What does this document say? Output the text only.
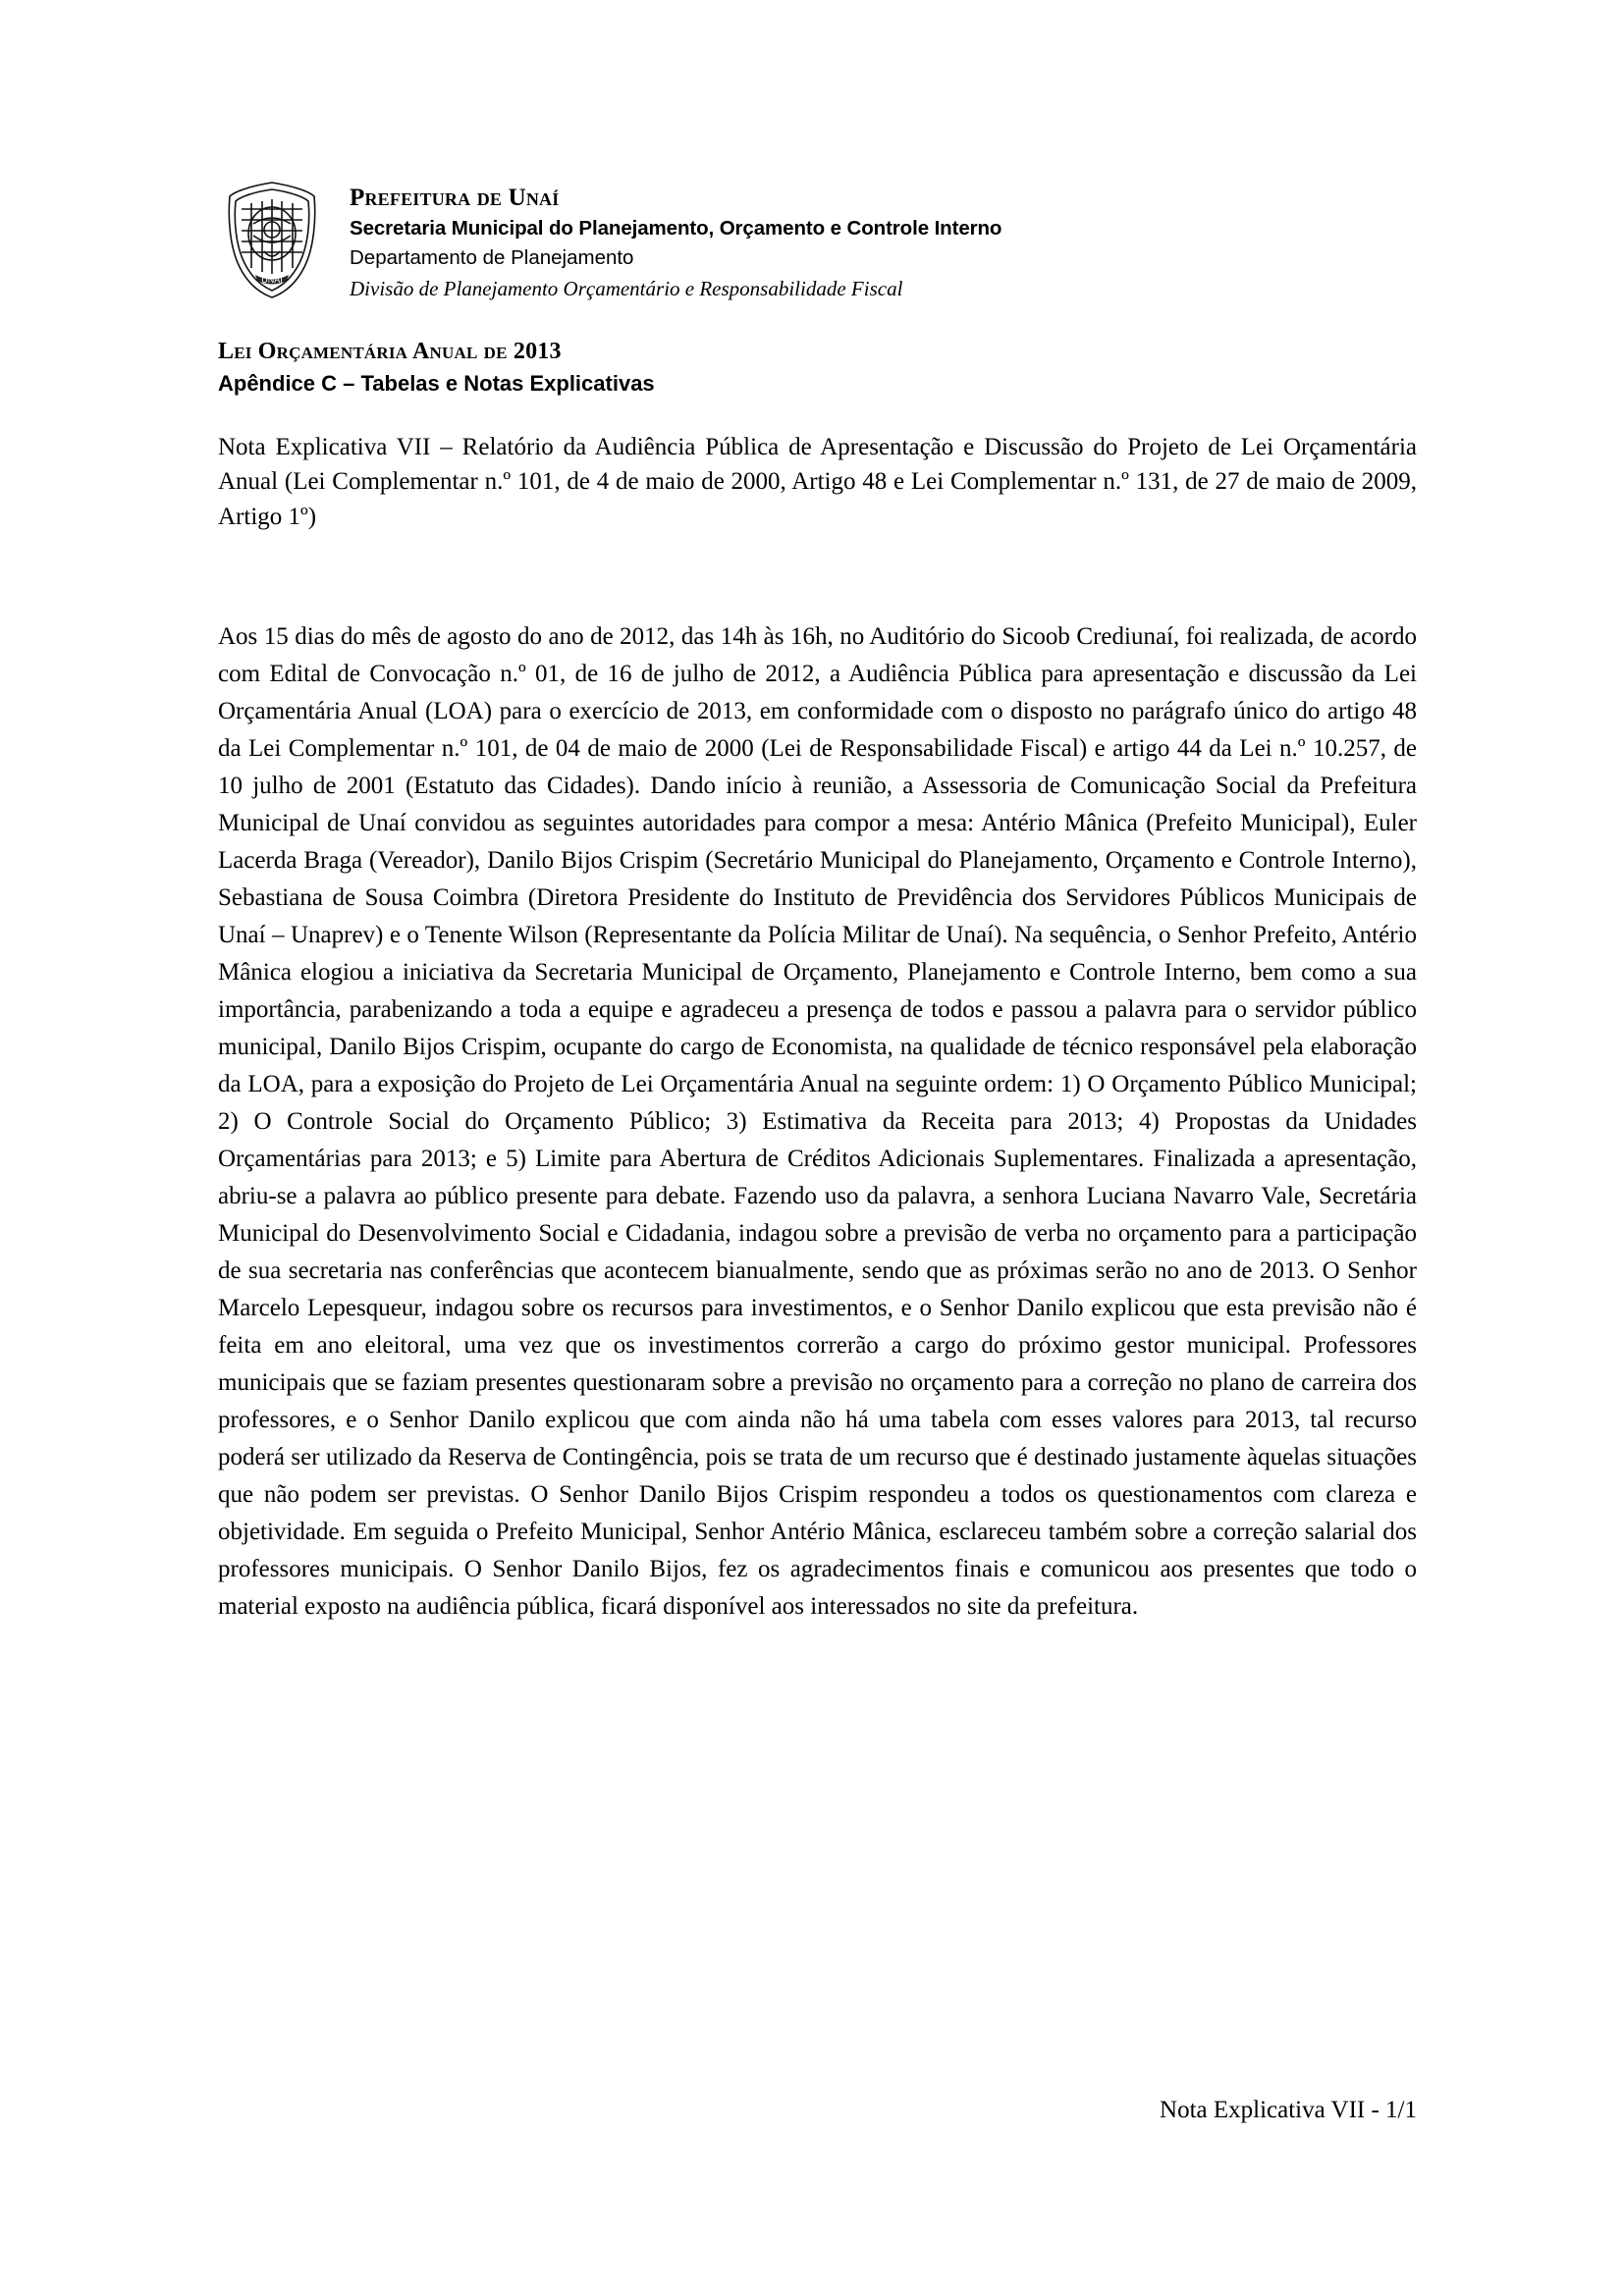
UNAÍ
Prefeitura de Unaí
Secretaria Municipal do Planejamento, Orçamento e Controle Interno
Departamento de Planejamento
Divisão de Planejamento Orçamentário e Responsabilidade Fiscal
Lei Orçamentária Anual de 2013
Apêndice C – Tabelas e Notas Explicativas
Nota Explicativa VII – Relatório da Audiência Pública de Apresentação e Discussão do Projeto de Lei Orçamentária Anual (Lei Complementar n.º 101, de 4 de maio de 2000, Artigo 48 e Lei Complementar n.º 131, de 27 de maio de 2009, Artigo 1º)
Aos 15 dias do mês de agosto do ano de 2012, das 14h às 16h, no Auditório do Sicoob Crediunaí, foi realizada, de acordo com Edital de Convocação n.º 01, de 16 de julho de 2012, a Audiência Pública para apresentação e discussão da Lei Orçamentária Anual (LOA) para o exercício de 2013, em conformidade com o disposto no parágrafo único do artigo 48 da Lei Complementar n.º 101, de 04 de maio de 2000 (Lei de Responsabilidade Fiscal) e artigo 44 da Lei n.º 10.257, de 10 julho de 2001 (Estatuto das Cidades). Dando início à reunião, a Assessoria de Comunicação Social da Prefeitura Municipal de Unaí convidou as seguintes autoridades para compor a mesa: Antério Mânica (Prefeito Municipal), Euler Lacerda Braga (Vereador), Danilo Bijos Crispim (Secretário Municipal do Planejamento, Orçamento e Controle Interno), Sebastiana de Sousa Coimbra (Diretora Presidente do Instituto de Previdência dos Servidores Públicos Municipais de Unaí – Unaprev) e o Tenente Wilson (Representante da Polícia Militar de Unaí). Na sequência, o Senhor Prefeito, Antério Mânica elogiou a iniciativa da Secretaria Municipal de Orçamento, Planejamento e Controle Interno, bem como a sua importância, parabenizando a toda a equipe e agradeceu a presença de todos e passou a palavra para o servidor público municipal, Danilo Bijos Crispim, ocupante do cargo de Economista, na qualidade de técnico responsável pela elaboração da LOA, para a exposição do Projeto de Lei Orçamentária Anual na seguinte ordem: 1) O Orçamento Público Municipal; 2) O Controle Social do Orçamento Público; 3) Estimativa da Receita para 2013; 4) Propostas da Unidades Orçamentárias para 2013; e 5) Limite para Abertura de Créditos Adicionais Suplementares. Finalizada a apresentação, abriu-se a palavra ao público presente para debate. Fazendo uso da palavra, a senhora Luciana Navarro Vale, Secretária Municipal do Desenvolvimento Social e Cidadania, indagou sobre a previsão de verba no orçamento para a participação de sua secretaria nas conferências que acontecem bianualmente, sendo que as próximas serão no ano de 2013. O Senhor Marcelo Lepesqueur, indagou sobre os recursos para investimentos, e o Senhor Danilo explicou que esta previsão não é feita em ano eleitoral, uma vez que os investimentos correrão a cargo do próximo gestor municipal. Professores municipais que se faziam presentes questionaram sobre a previsão no orçamento para a correção no plano de carreira dos professores, e o Senhor Danilo explicou que com ainda não há uma tabela com esses valores para 2013, tal recurso poderá ser utilizado da Reserva de Contingência, pois se trata de um recurso que é destinado justamente àquelas situações que não podem ser previstas. O Senhor Danilo Bijos Crispim respondeu a todos os questionamentos com clareza e objetividade. Em seguida o Prefeito Municipal, Senhor Antério Mânica, esclareceu também sobre a correção salarial dos professores municipais. O Senhor Danilo Bijos, fez os agradecimentos finais e comunicou aos presentes que todo o material exposto na audiência pública, ficará disponível aos interessados no site da prefeitura.
Nota Explicativa VII - 1/1
